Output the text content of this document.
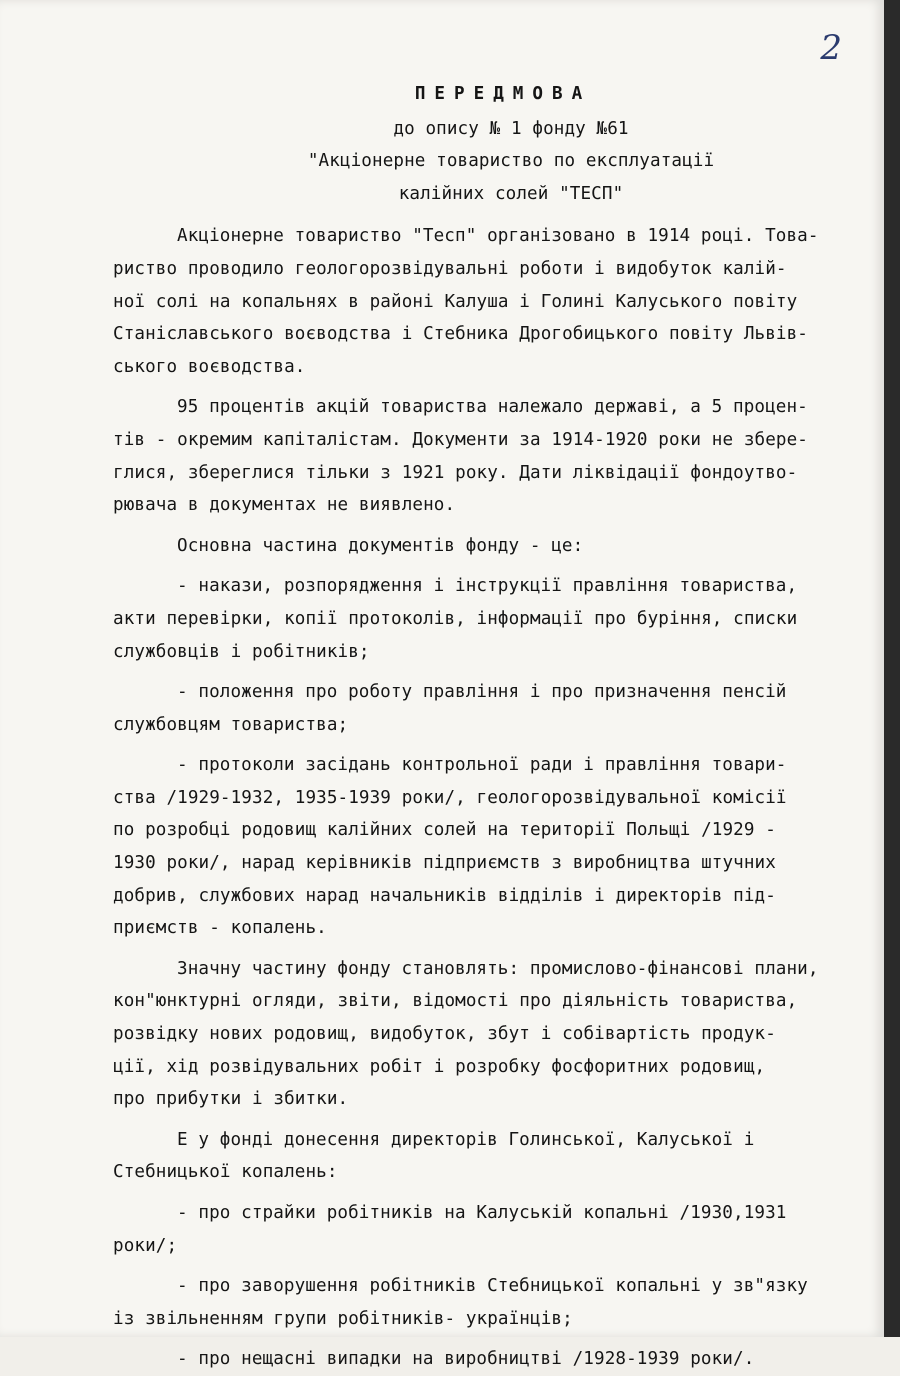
2
ПЕРЕДМОВА
до опису № 1 фонду №61
"Акціонерне товариство по експлуатації
калійних солей "ТЕСП"
Акціонерне товариство "Тесп" організовано в 1914 році. Това-
риство проводило геологорозвідувальні роботи і видобуток калій-
ної солі на копальнях в районі Калуша і Голині Калуського повіту
Станіславського воєводства і Стебника Дрогобицького повіту Львів-
ського воєводства.
95 процентів акцій товариства належало державі, а 5 процен-
тів - окремим капіталістам. Документи за 1914-1920 роки не збере-
глися, збереглися тільки з 1921 року. Дати ліквідації фондоутво-
рювача в документах не виявлено.
Основна частина документів фонду - це:
- накази, розпорядження і інструкції правління товариства,
акти перевірки, копії протоколів, інформації про буріння, списки
службовців і робітників;
- положення про роботу правління і про призначення пенсій
службовцям товариства;
- протоколи засідань контрольної ради і правління товари-
ства /1929-1932, 1935-1939 роки/, геологорозвідувальної комісії
по розробці родовищ калійних солей на території Польщі /1929 -
1930 роки/, нарад керівників підприємств з виробництва штучних
добрив, службових нарад начальників відділів і директорів під-
приємств - копалень.
Значну частину фонду становлять: промислово-фінансові плани,
кон"юнктурні огляди, звіти, відомості про діяльність товариства,
розвідку нових родовищ, видобуток, збут і собівартість продук-
ції, хід розвідувальних робіт і розробку фосфоритних родовищ,
про прибутки і збитки.
Е у фонді донесення директорів Голинської, Калуської і
Стебницької копалень:
- про страйки робітників на Калуській копальні /1930,1931
роки/;
- про заворушення робітників Стебницької копальні у зв"язку
із звільненням групи робітників- українців;
- про нещасні випадки на виробництві /1928-1939 роки/.
